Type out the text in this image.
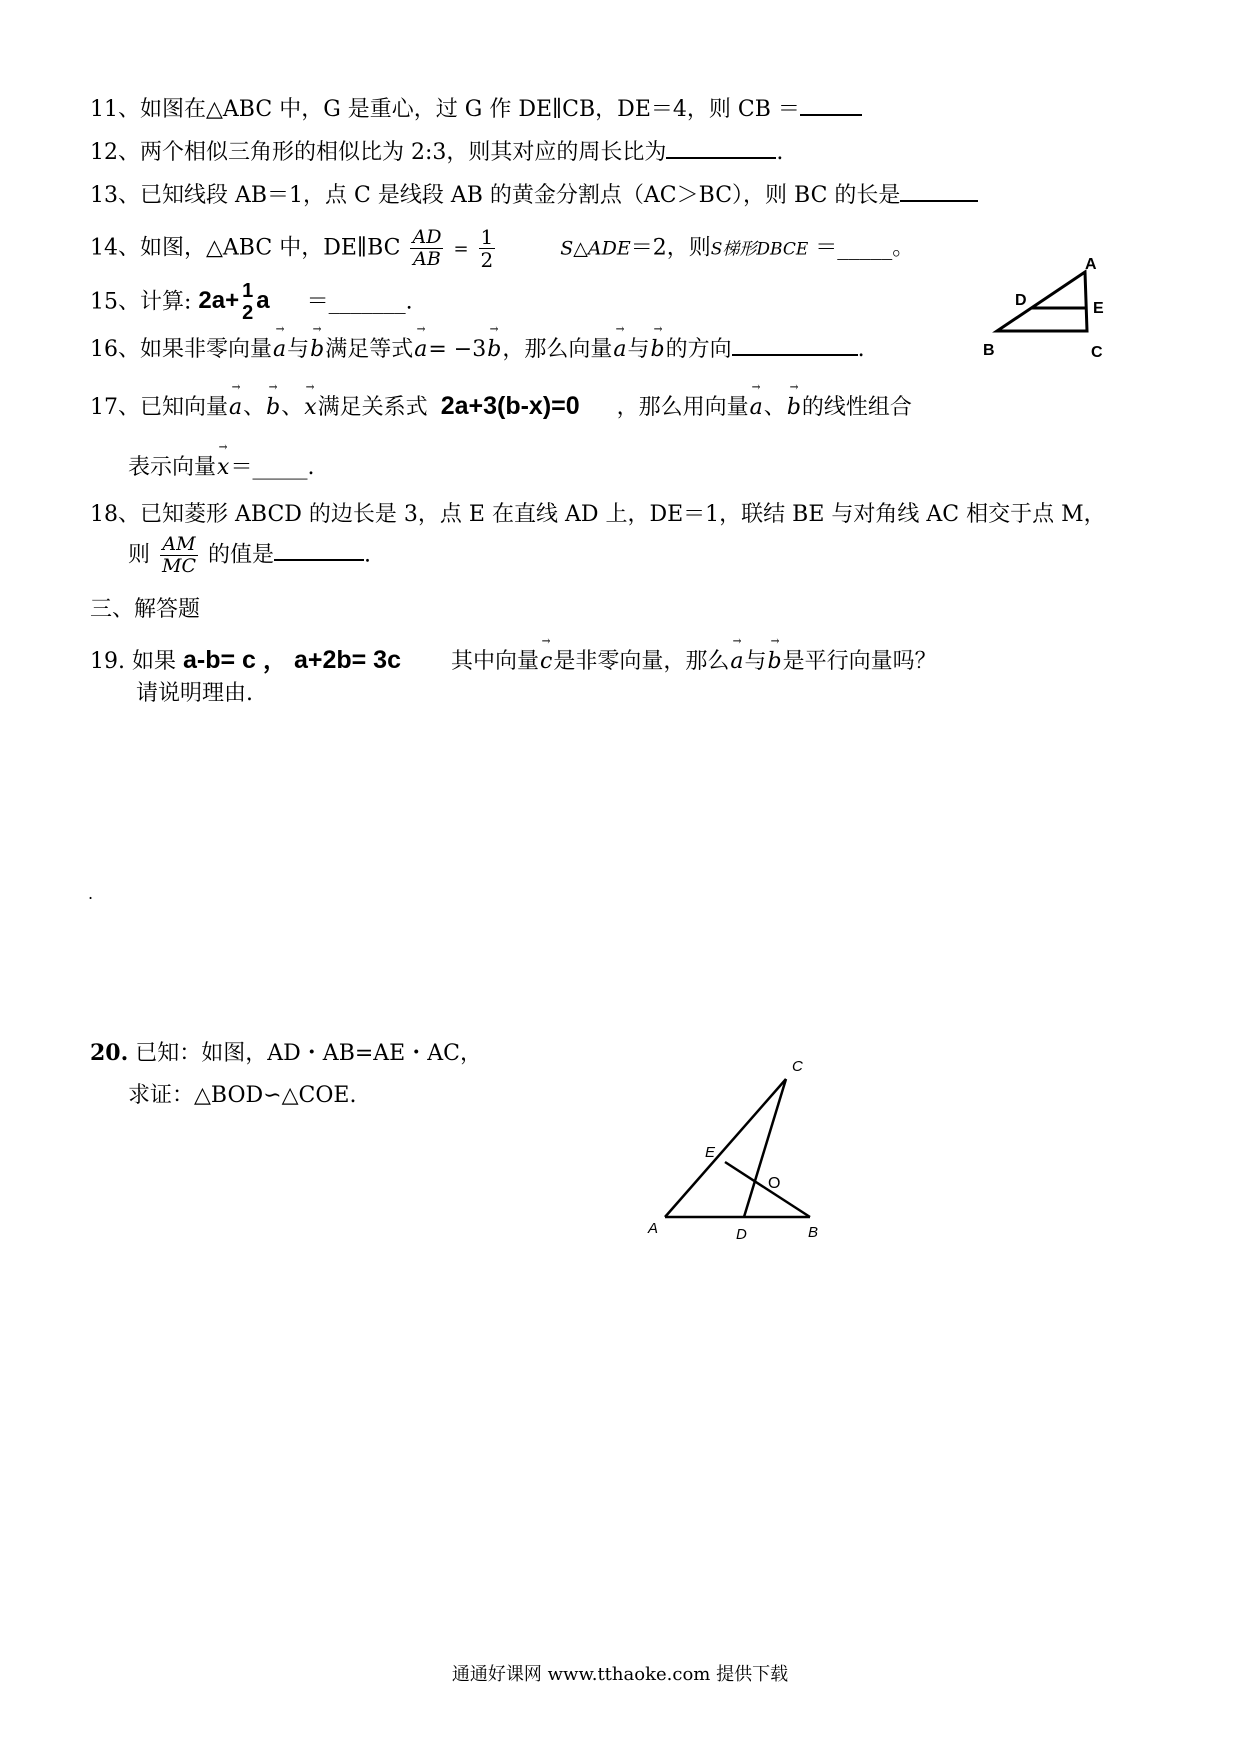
11、如图在△ABC 中，G 是重心，过 G 作 DE∥CB，DE＝4，则 CB ＝
12、两个相似三角形的相似比为 2:3，则其对应的周长比为	.
13、已知线段 AB＝1，点 C 是线段 AB 的黄金分割点（AC＞BC），则 BC 的长是
14、如图，△ABC 中，DE∥BC $\frac{AD}{AB} = \frac{1}{2}$	S△ADE＝2，则S梯形DBCE ＝_____。
A
D	E
B	C
15、计算: 2a+ 1
2 a ＝_______.
16、如果非零向量→ a与→ b满足等式→ a= −3→ b，那么向量→ a与→ b的方向	.
17、已知向量→ a、→ b、→ x满足关系式 2a+3(b-x)=0 ，那么用向量→ a、→ b的线性组合
表示向量→ x＝_____.
18、已知菱形 ABCD 的边长是 3，点 E 在直线 AD 上，DE＝1，联结 BE 与对角线 AC 相交于点 M，
则 $\frac{AM}{MC}$ 的值是	.
三、解答题
19. 如果 a-b= c ， a+2b= 3c 其中向量→ c是非零向量，那么→ a与→ b是平行向量吗？
请说明理由.
.
20. 已知：如图，AD・AB=AE・AC，
求证：△BOD∽△COE.
C
E
O
A	D	B
通通好课网 www.tthaoke.com 提供下载
